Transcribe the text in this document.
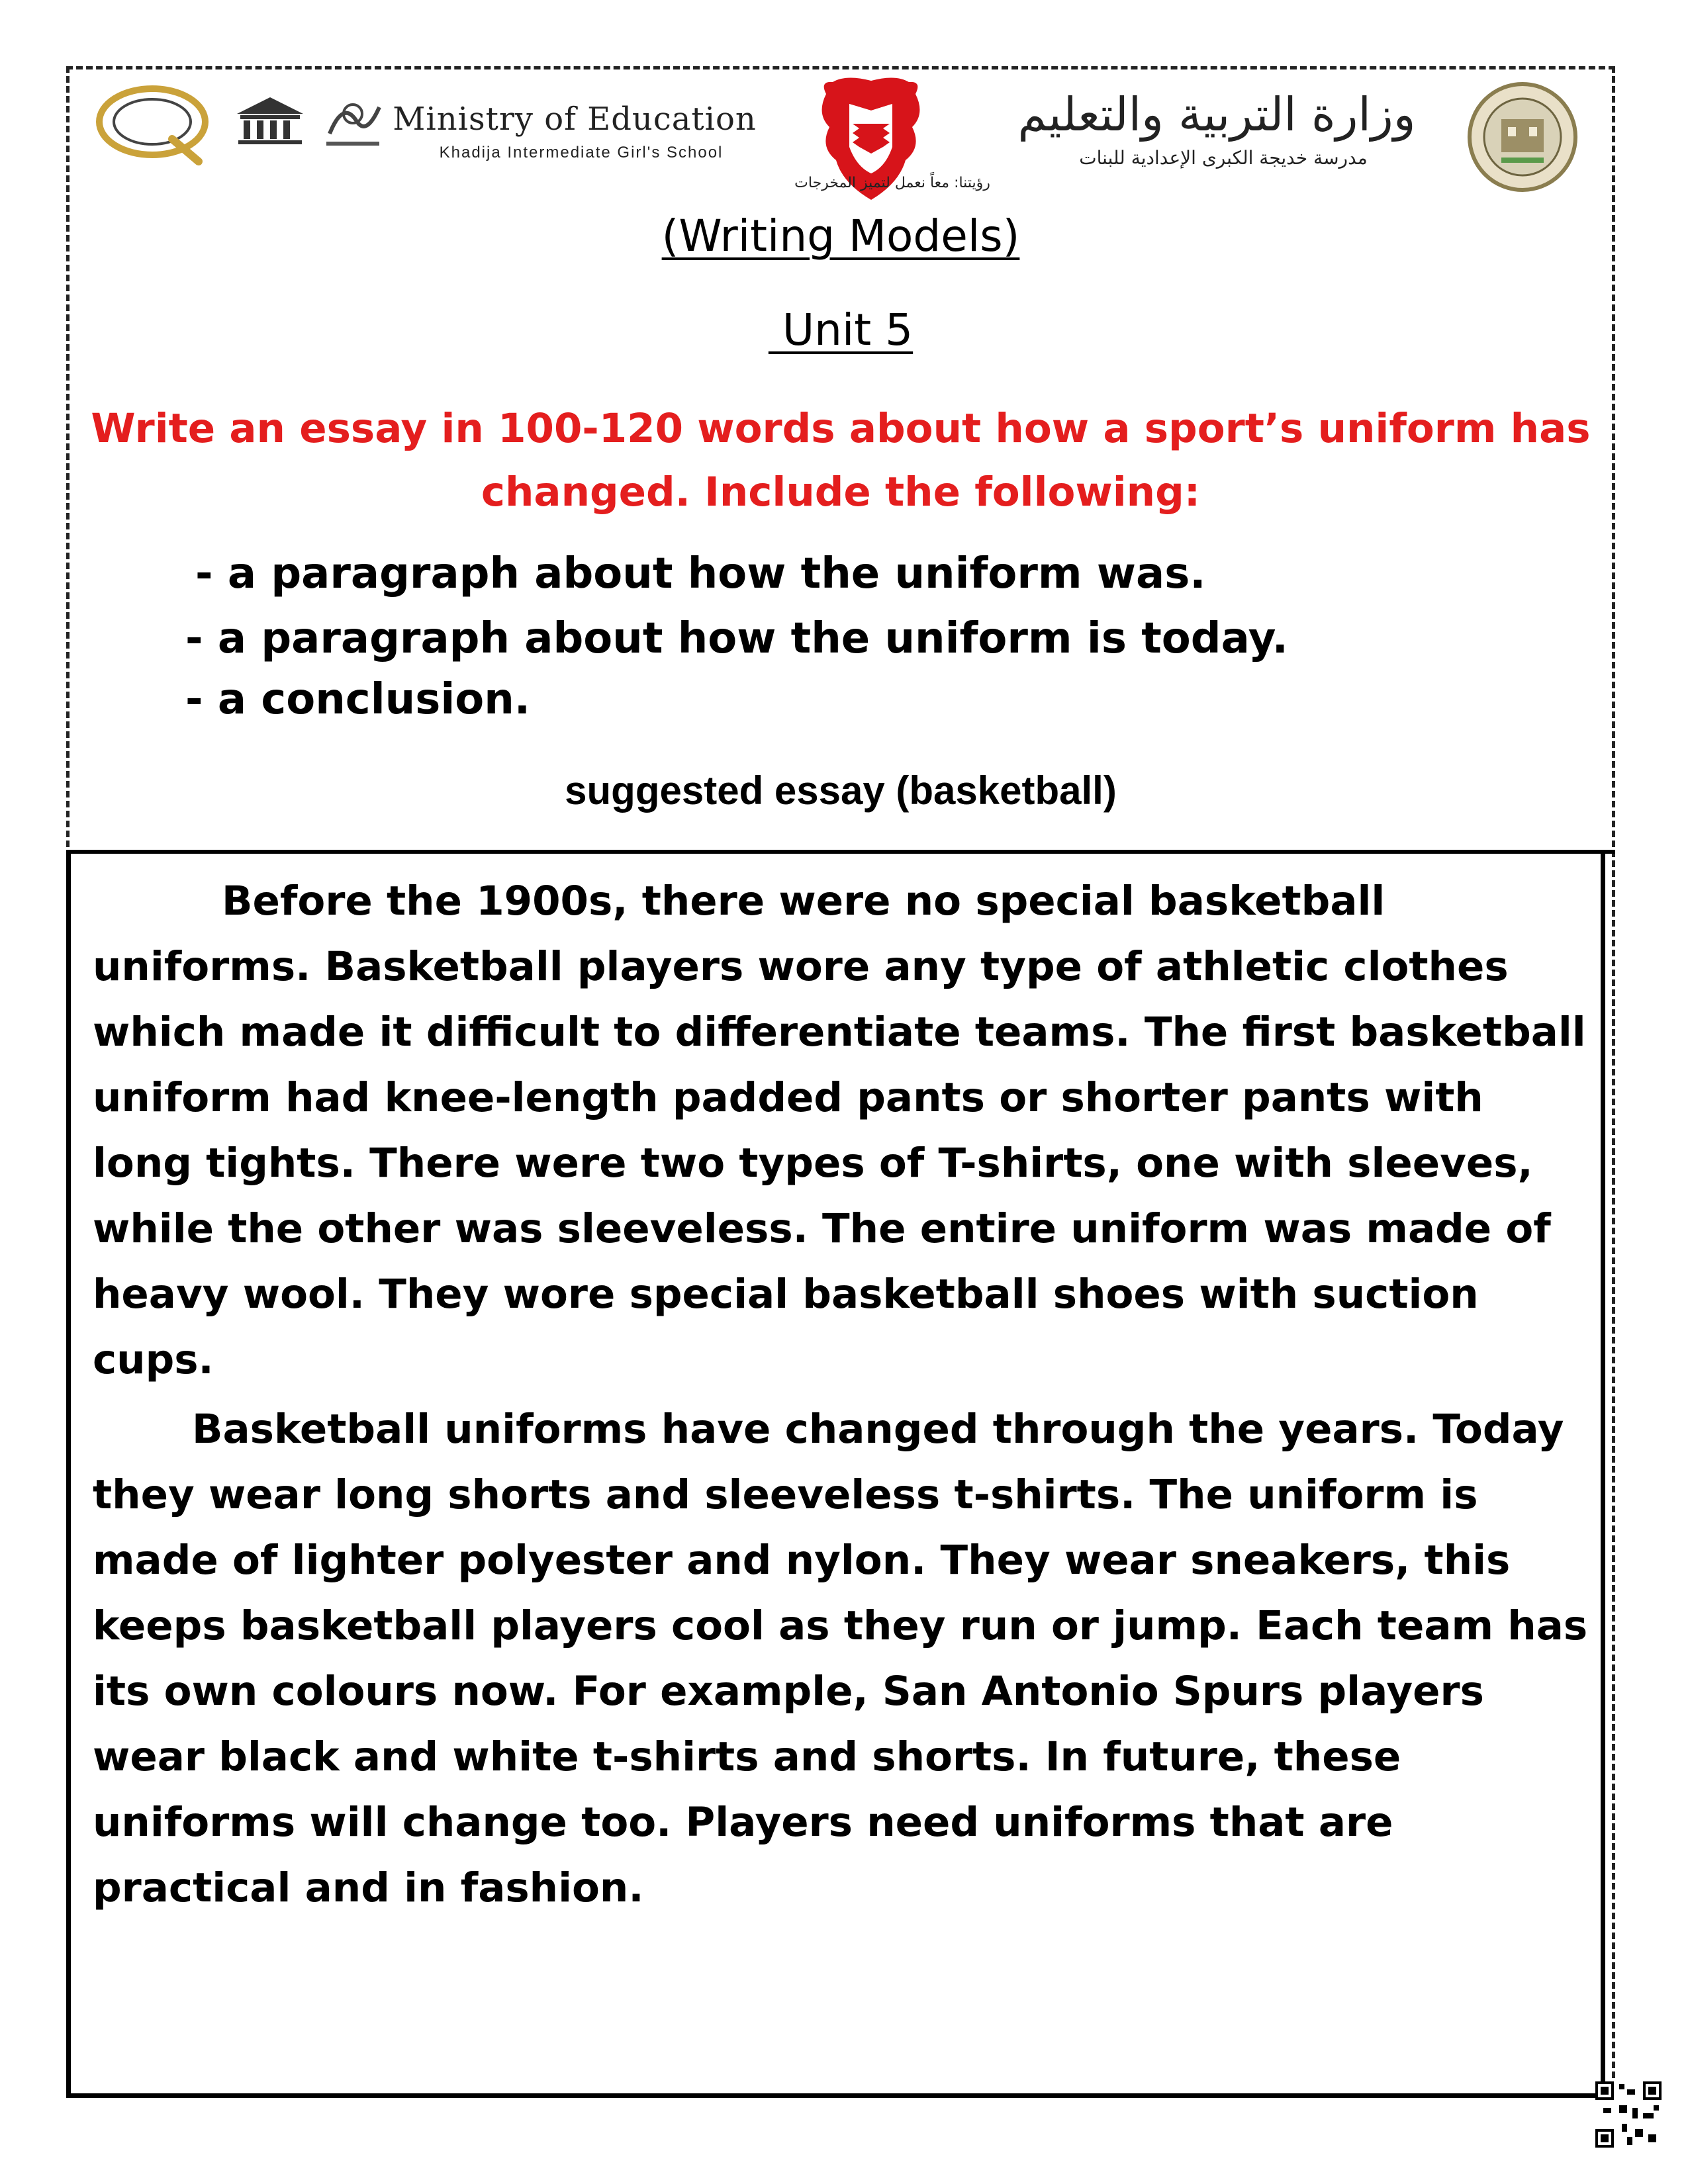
Ministry of Education
Khadija Intermediate Girl's School
وزارة التربية والتعليم
مدرسة خديجة الكبرى الإعدادية للبنات
رؤيتنا: معاً نعمل لتميز المخرجات
(Writing Models)
Unit 5
Write an essay in 100-120 words about how a sport’s uniform has changed. Include the following:
- a paragraph about how the uniform was.
- a paragraph about how the uniform is today.
- a conclusion.
suggested essay (basketball)
Before the 1900s, there were no special basketball uniforms. Basketball players wore any type of athletic clothes which made it difficult to differentiate teams. The first basketball uniform had knee-length padded pants or shorter pants with long tights. There were two types of T-shirts, one with sleeves, while the other was sleeveless. The entire uniform was made of heavy wool. They wore special basketball shoes with suction cups.
Basketball uniforms have changed through the years. Today they wear long shorts and sleeveless t-shirts. The uniform is made of lighter polyester and nylon. They wear sneakers, this keeps basketball players cool as they run or jump. Each team has its own colours now. For example, San Antonio Spurs players wear black and white t-shirts and shorts. In future, these uniforms will change too. Players need uniforms that are practical and in fashion.
